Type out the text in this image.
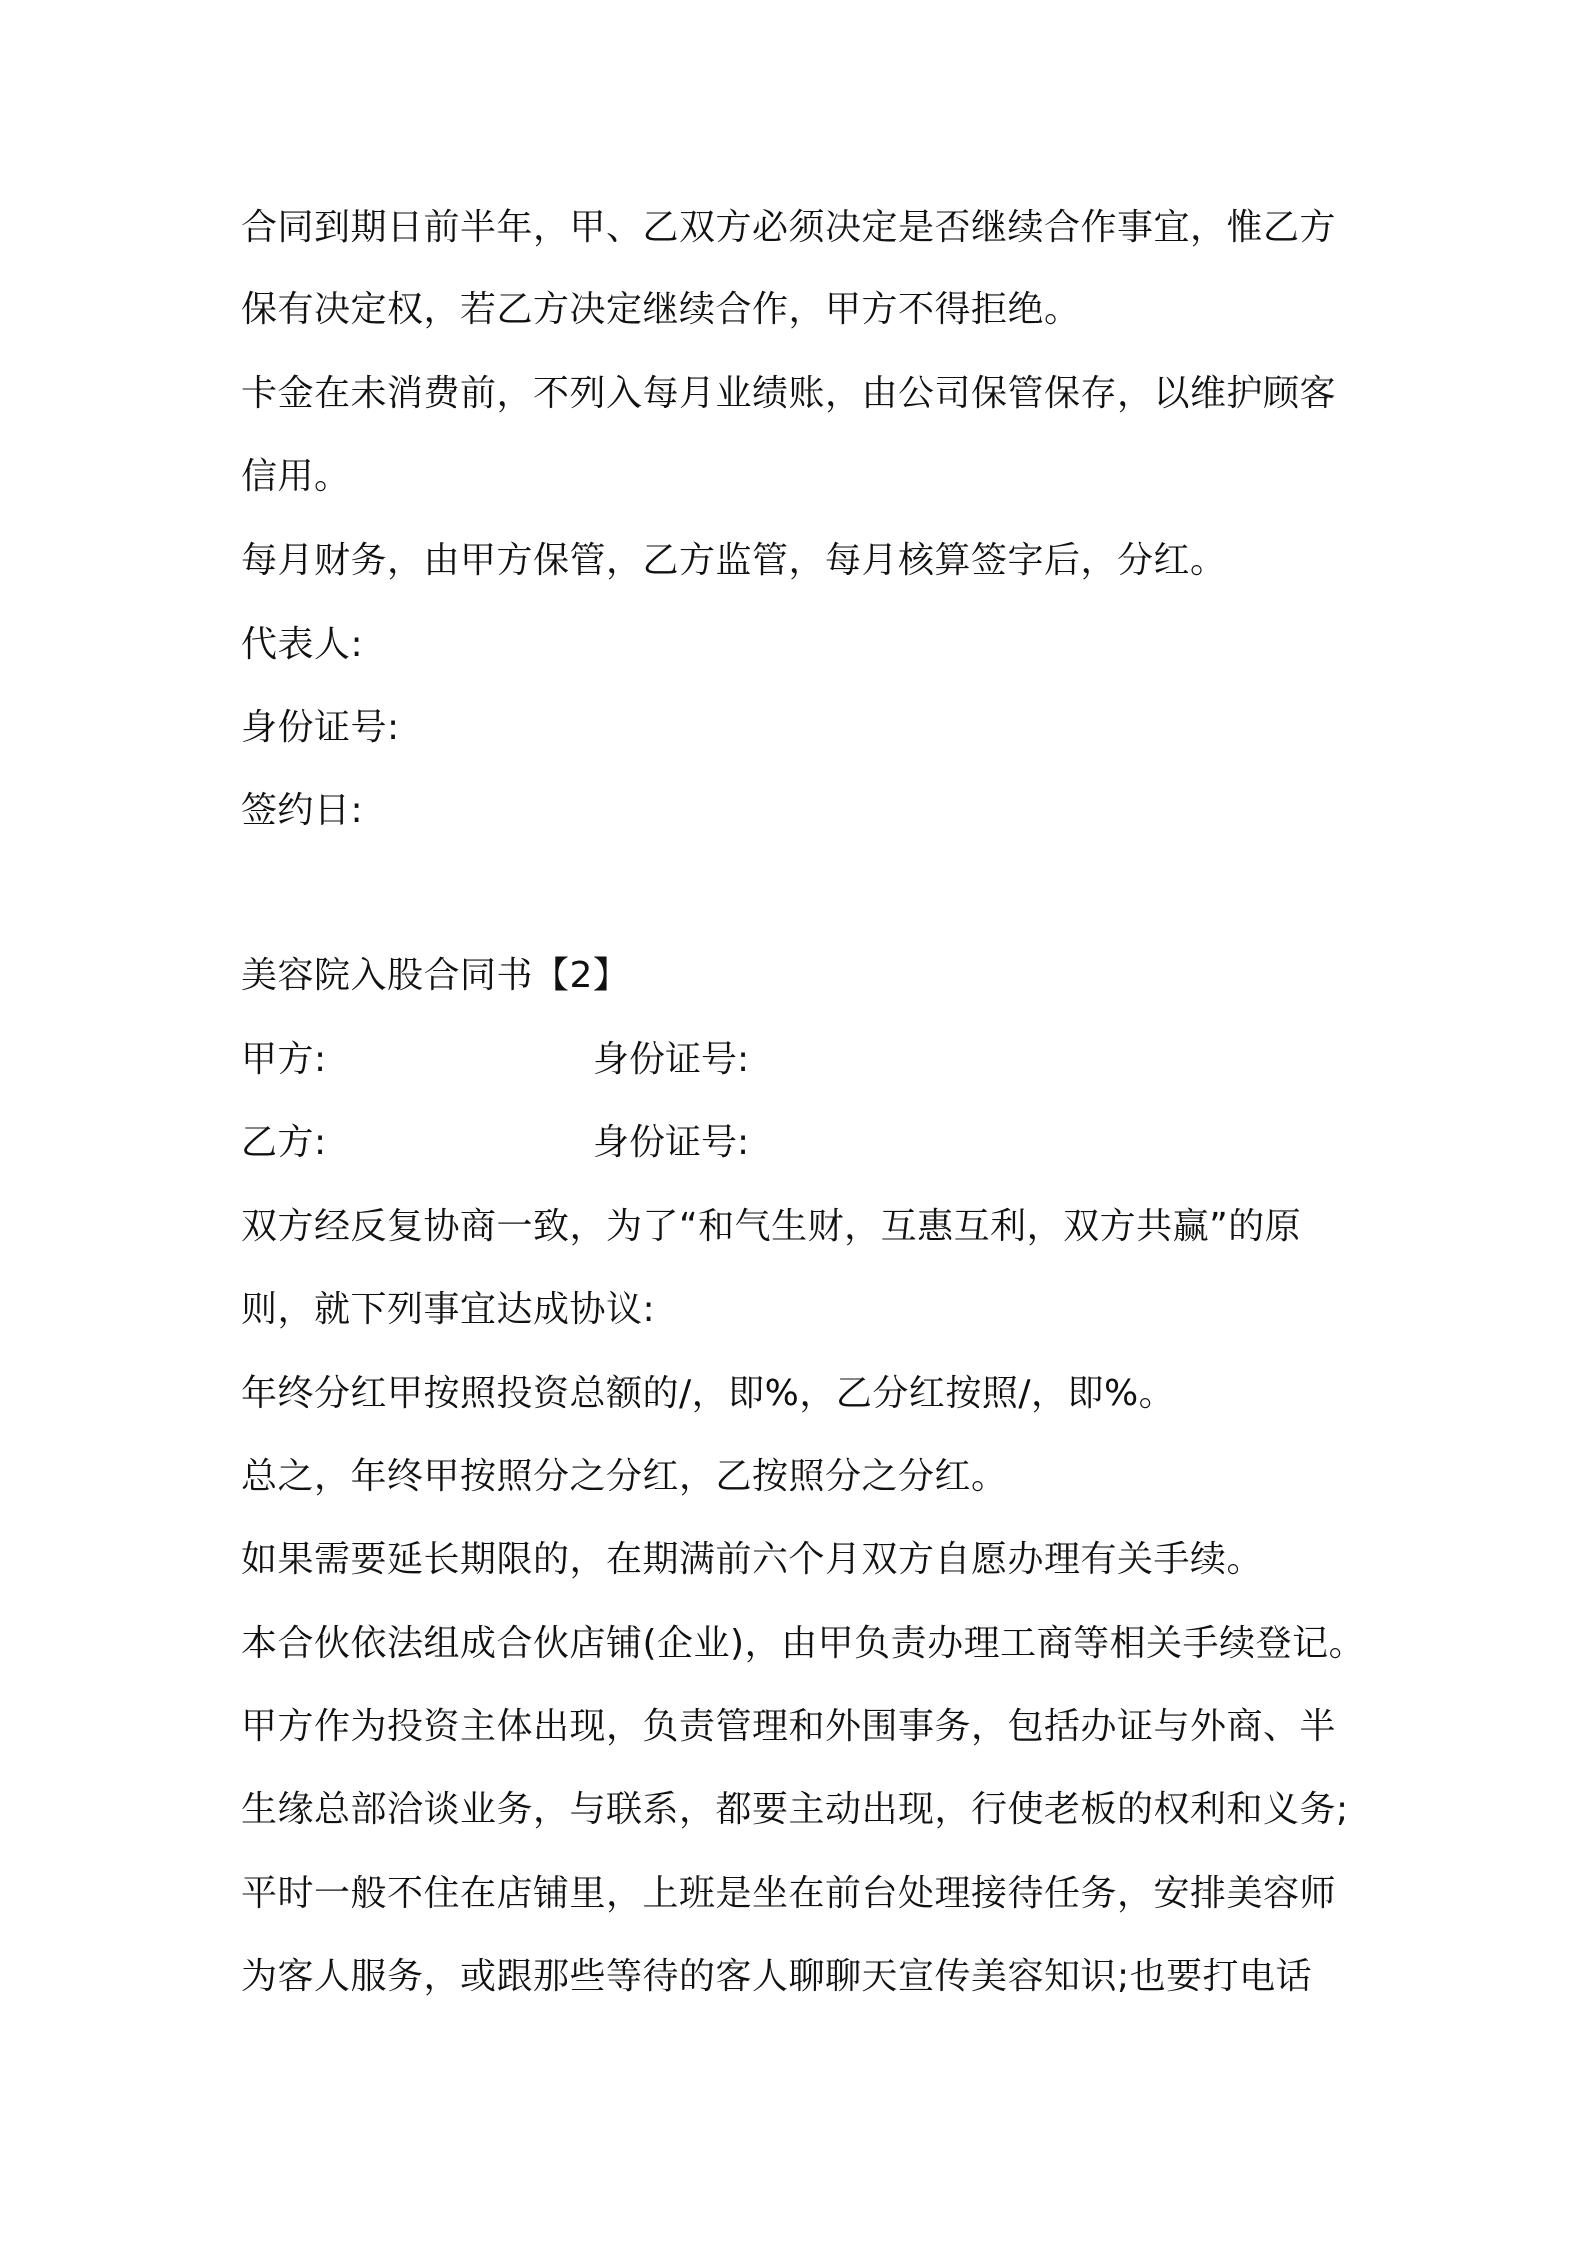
合同到期日前半年，甲、乙双方必须决定是否继续合作事宜，惟乙方
保有决定权，若乙方决定继续合作，甲方不得拒绝。
卡金在未消费前，不列入每月业绩账，由公司保管保存，以维护顾客
信用。
每月财务，由甲方保管，乙方监管，每月核算签字后，分红。
代表人:
身份证号:
签约日:
美容院入股合同书【2】
甲方:	身份证号:
乙方:	身份证号:
双方经反复协商一致，为了“和气生财，互惠互利，双方共赢”的原
则，就下列事宜达成协议:
年终分红甲按照投资总额的/，即%，乙分红按照/，即%。
总之，年终甲按照分之分红，乙按照分之分红。
如果需要延长期限的，在期满前六个月双方自愿办理有关手续。
本合伙依法组成合伙店铺(企业)，由甲负责办理工商等相关手续登记。
甲方作为投资主体出现，负责管理和外围事务，包括办证与外商、半
生缘总部洽谈业务，与联系，都要主动出现，行使老板的权利和义务;
平时一般不住在店铺里，上班是坐在前台处理接待任务，安排美容师
为客人服务，或跟那些等待的客人聊聊天宣传美容知识;也要打电话
